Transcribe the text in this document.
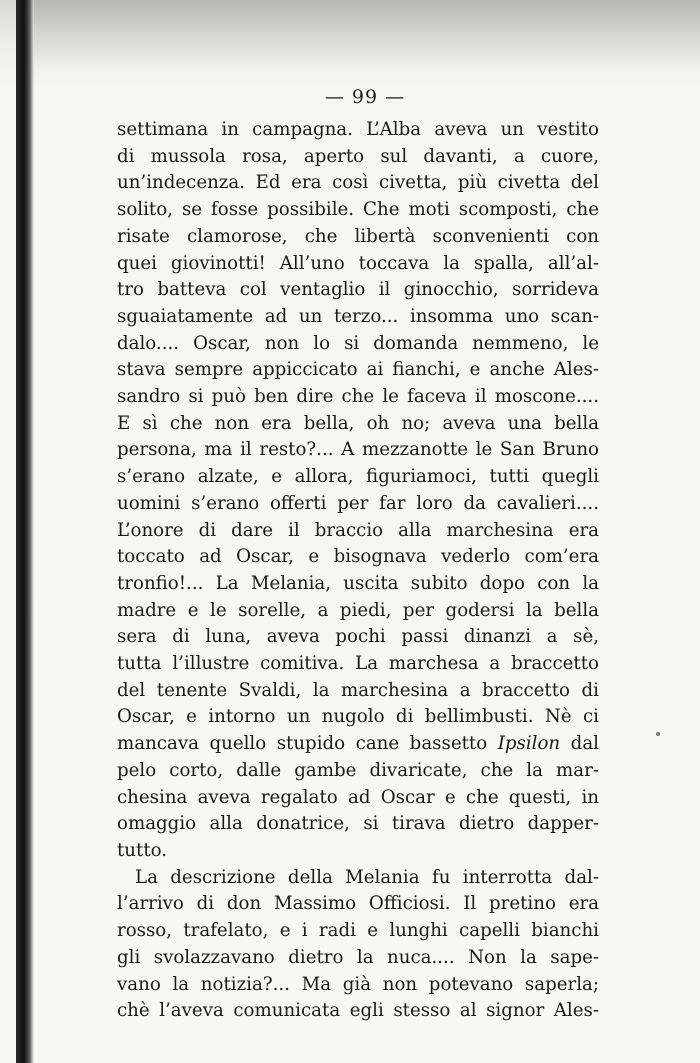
— 99 —
settimana in campagna. L’Alba aveva un vestito
di mussola rosa, aperto sul davanti, a cuore,
un’indecenza. Ed era così civetta, più civetta del
solito, se fosse possibile. Che moti scomposti, che
risate clamorose, che libertà sconvenienti con
quei giovinotti! All’uno toccava la spalla, all’al-
tro batteva col ventaglio il ginocchio, sorrideva
sguaiatamente ad un terzo... insomma uno scan-
dalo.... Oscar, non lo si domanda nemmeno, le
stava sempre appiccicato ai fianchi, e anche Ales-
sandro si può ben dire che le faceva il moscone....
E sì che non era bella, oh no; aveva una bella
persona, ma il resto?... A mezzanotte le San Bruno
s’erano alzate, e allora, figuriamoci, tutti quegli
uomini s’erano offerti per far loro da cavalieri....
L’onore di dare il braccio alla marchesina era
toccato ad Oscar, e bisognava vederlo com’era
tronfio!... La Melania, uscita subito dopo con la
madre e le sorelle, a piedi, per godersi la bella
sera di luna, aveva pochi passi dinanzi a sè,
tutta l’illustre comitiva. La marchesa a braccetto
del tenente Svaldi, la marchesina a braccetto di
Oscar, e intorno un nugolo di bellimbusti. Nè ci
mancava quello stupido cane bassetto Ipsilon dal
pelo corto, dalle gambe divaricate, che la mar-
chesina aveva regalato ad Oscar e che questi, in
omaggio alla donatrice, si tirava dietro dapper-
tutto.
La descrizione della Melania fu interrotta dal-
l’arrivo di don Massimo Officiosi. Il pretino era
rosso, trafelato, e i radi e lunghi capelli bianchi
gli svolazzavano dietro la nuca.... Non la sape-
vano la notizia?... Ma già non potevano saperla;
chè l’aveva comunicata egli stesso al signor Ales-
